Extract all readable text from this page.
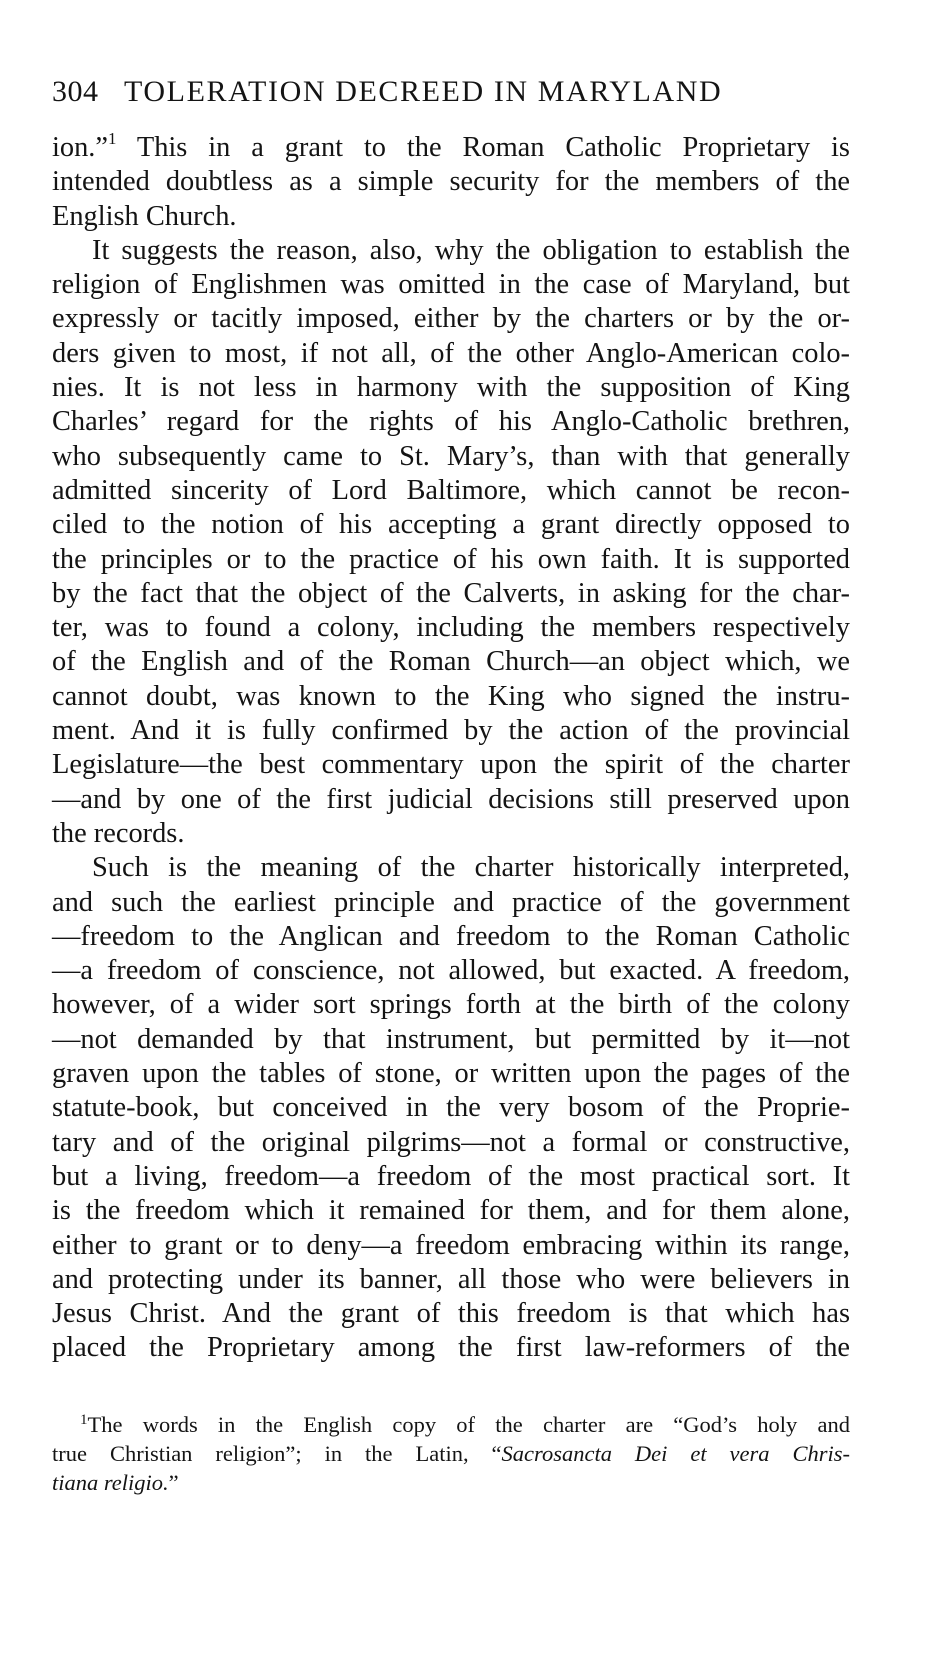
304 TOLERATION DECREED IN MARYLAND
ion.”$^1$ This in a grant to the Roman Catholic Proprietary is
intended doubtless as a simple security for the members of the
English Church.
It suggests the reason, also, why the obligation to establish the
religion of Englishmen was omitted in the case of Maryland, but
expressly or tacitly imposed, either by the charters or by the or-
ders given to most, if not all, of the other Anglo-American colo-
nies. It is not less in harmony with the supposition of King
Charles’ regard for the rights of his Anglo-Catholic brethren,
who subsequently came to St. Mary’s, than with that generally
admitted sincerity of Lord Baltimore, which cannot be recon-
ciled to the notion of his accepting a grant directly opposed to
the principles or to the practice of his own faith. It is supported
by the fact that the object of the Calverts, in asking for the char-
ter, was to found a colony, including the members respectively
of the English and of the Roman Church—an object which, we
cannot doubt, was known to the King who signed the instru-
ment. And it is fully confirmed by the action of the provincial
Legislature—the best commentary upon the spirit of the charter
—and by one of the first judicial decisions still preserved upon
the records.
Such is the meaning of the charter historically interpreted,
and such the earliest principle and practice of the government
—freedom to the Anglican and freedom to the Roman Catholic
—a freedom of conscience, not allowed, but exacted. A freedom,
however, of a wider sort springs forth at the birth of the colony
—not demanded by that instrument, but permitted by it—not
graven upon the tables of stone, or written upon the pages of the
statute-book, but conceived in the very bosom of the Proprie-
tary and of the original pilgrims—not a formal or constructive,
but a living, freedom—a freedom of the most practical sort. It
is the freedom which it remained for them, and for them alone,
either to grant or to deny—a freedom embracing within its range,
and protecting under its banner, all those who were believers in
Jesus Christ. And the grant of this freedom is that which has
placed the Proprietary among the first law-reformers of the
$^1$The words in the English copy of the charter are “God’s holy and
true Christian religion”; in the Latin, “Sacrosancta Dei et vera Chris-
tiana religio.”
